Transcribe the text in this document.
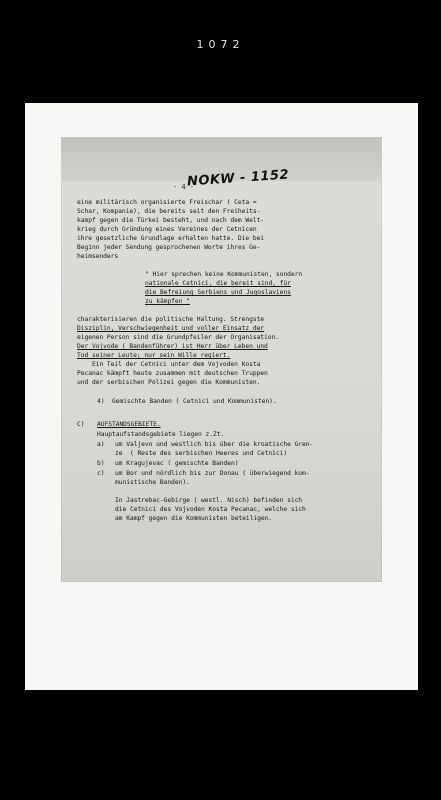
1072
- 4 -
NOKW - 1152
eine militärisch organisierte Freischar ( Ceta =
Schar, Kompanie), die bereits seit den Freiheits-
kampf gegen die Türkei besteht, und nach dem Welt-
krieg durch Gründung eines Vereines der Cetnicen
ihre gesetzliche Grundlage erhalten hatte. Die bei
Beginn jeder Sendung gesprochenen Worte ihres Ge-
heimsenders
" Hier sprechen keine Kommunisten, sondern
nationale Cetnici, die bereit sind, für
die Befreiung Serbiens und Jugoslaviens
zu kämpfen "
charakterisieren die politische Haltung. Strengste
Disziplin, Verschwiegenheit und voller Einsatz der
eigenen Person sind die Grundpfeiler der Organisation.
Der Vojvode ( Bandenführer) ist Herr über Leben und
Tod seiner Leute; nur sein Wille regiert.
Ein Teil der Cetnici unter dem Vojvoden Kosta
Pecanac kämpft heute zusammen mit deutschen Truppen
und der serbischen Polizei gegen die Kommunisten.
4)  Gemischte Banden ( Cetnici und Kommunisten).
C) AUFSTANDSGEBIETE.
Hauptaufstandsgebiete liegen z.Zt.
a) um Valjevo und westlich bis über die kroatische Gren-
ze  ( Reste des serbischen Heeres und Cetnici)
b) um Kragujevac ( gemischte Banden)
c) um Bor und nördlich bis zur Donau ( überwiegend kom-
munistische Banden).
In Jastrebac-Gebirge ( westl. Nisch) befinden sich
die Cetnici des Vojvoden Kosta Pecanac, welche sich
am Kampf gegen die Kommunisten beteiligen.
